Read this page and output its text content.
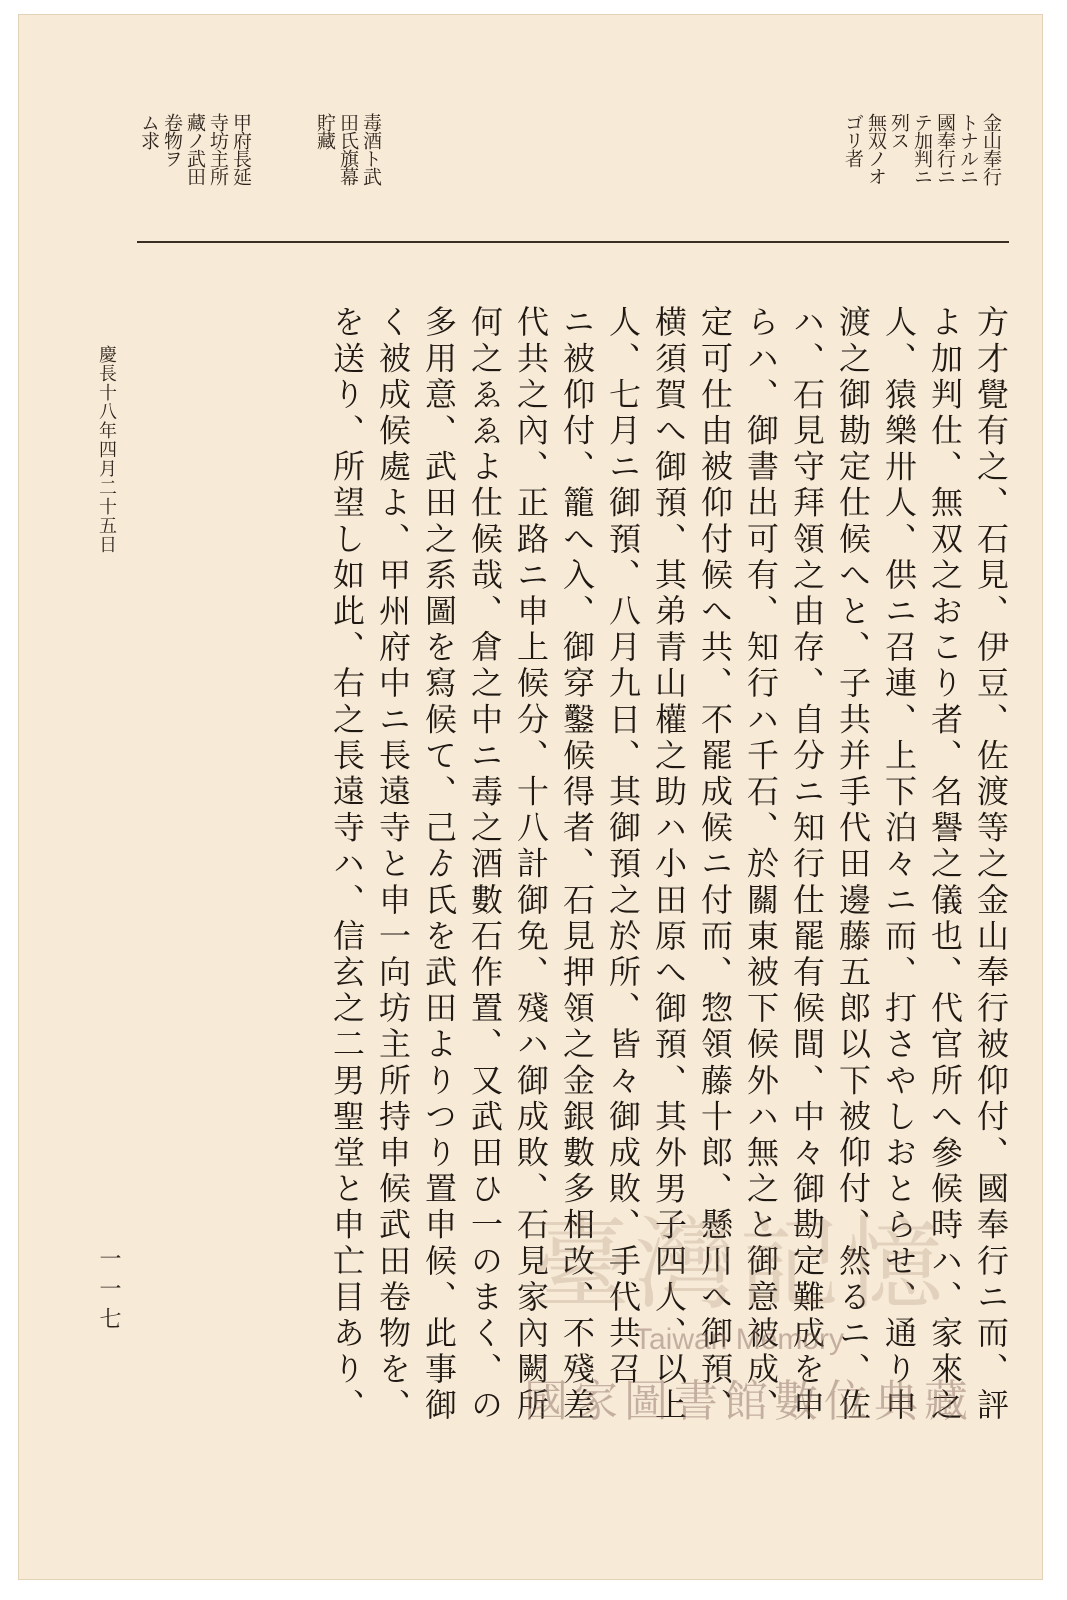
金山奉行

トナルニ

國奉行ニ

テ加判ニ

列ス

無双ノオ

ゴリ者

毒酒ト武

田氏旗幕

貯藏

甲府長延

寺坊主所

藏ノ武田

卷物ヲ

ム求

方才覺有之、石見、伊豆、佐渡等之金山奉行被仰付、國奉行ニ而、評

よ加判仕、無双之おこり者、名譽之儀也、代官所へ參候時ハ、家來之

人、猿樂卅人、供ニ召連、上下泊々ニ而、打さやしおとらせ、通り申

渡之御勘定仕候へと、子共并手代田邊藤五郎以下被仰付、然るニ、佐

ハ、石見守拜領之由存、自分ニ知行仕罷有候間、中々御勘定難成を申

らハ、御書出可有、知行ハ千石、於關東被下候外ハ無之と御意被成、

定可仕由被仰付候へ共、不罷成候ニ付而、惣領藤十郎、懸川へ御預、

横須賀へ御預、其弟青山權之助ハ小田原へ御預、其外男子四人、以上

人、七月ニ御預、八月九日、其御預之於所、皆々御成敗、手代共召

ニ被仰付、籠へ入、御穿鑿候得者、石見押領之金銀數多相改、不殘差

代共之內、正路ニ申上候分、十八計御免、殘ハ御成敗、石見家內闕所

何之ゑゑよ仕候哉、倉之中ニ毒之酒數石作置、又武田ひ一のまく、の

多用意、武田之系圖を寫候て、己ゟ氏を武田よりつり置申候、此事御

く被成候處よ、甲州府中ニ長遠寺と申一向坊主所持申候武田卷物を、

を送り、所望し如此、右之長遠寺ハ、信玄之二男聖堂と申亡目あり、

慶長十八年四月二十五日
一一七	臺灣記憶
Taiwan Memory
國家圖書館數位典藏
